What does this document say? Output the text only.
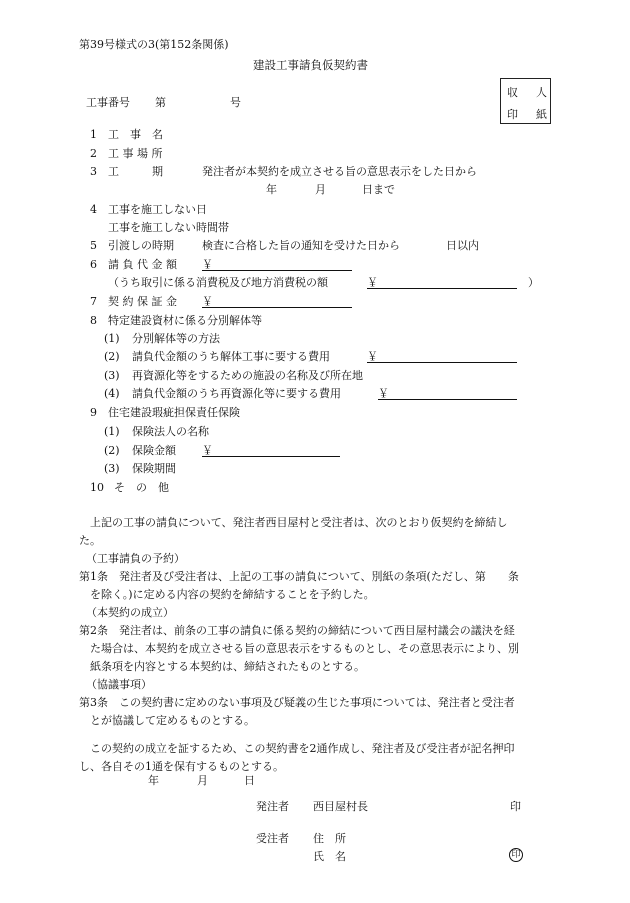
第39号様式の3(第152条関係)
建設工事請負仮契約書
収 人
印 紙
工事番号 第	号
1 工　事　名
2 工 事 場 所
3 工　　　期	発注者が本契約を成立させる旨の意思表示をした日から
年	月	日まで
4 工事を施工しない日
工事を施工しない時間帯
5 引渡しの時期	検査に合格した旨の通知を受けた日から	日以内
6 請 負 代 金 額 ￥
（うち取引に係る消費税及び地方消費税の額	￥	）
7 契 約 保 証 金 ￥
8 特定建設資材に係る分別解体等
(1) 分別解体等の方法
(2) 請負代金額のうち解体工事に要する費用	￥
(3) 再資源化等をするための施設の名称及び所在地
(4) 請負代金額のうち再資源化等に要する費用	￥
9 住宅建設瑕疵担保責任保険
(1) 保険法人の名称
(2) 保険金額 ￥
(3) 保険期間
10 そ　の　他
上記の工事の請負について、発注者西目屋村と受注者は、次のとおり仮契約を締結し
た。
（工事請負の予約）
第1条　発注者及び受注者は、上記の工事の請負について、別紙の条項(ただし、第　　条
を除く。)に定める内容の契約を締結することを予約した。
（本契約の成立）
第2条　発注者は、前条の工事の請負に係る契約の締結について西目屋村議会の議決を経
た場合は、本契約を成立させる旨の意思表示をするものとし、その意思表示により、別
紙条項を内容とする本契約は、締結されたものとする。
（協議事項）
第3条　この契約書に定めのない事項及び疑義の生じた事項については、発注者と受注者
とが協議して定めるものとする。
この契約の成立を証するため、この契約書を2通作成し、発注者及び受注者が記名押印
し、各自その1通を保有するものとする。
年	月	日
発注者 西目屋村長	印
受注者 住　所
氏　名	印
